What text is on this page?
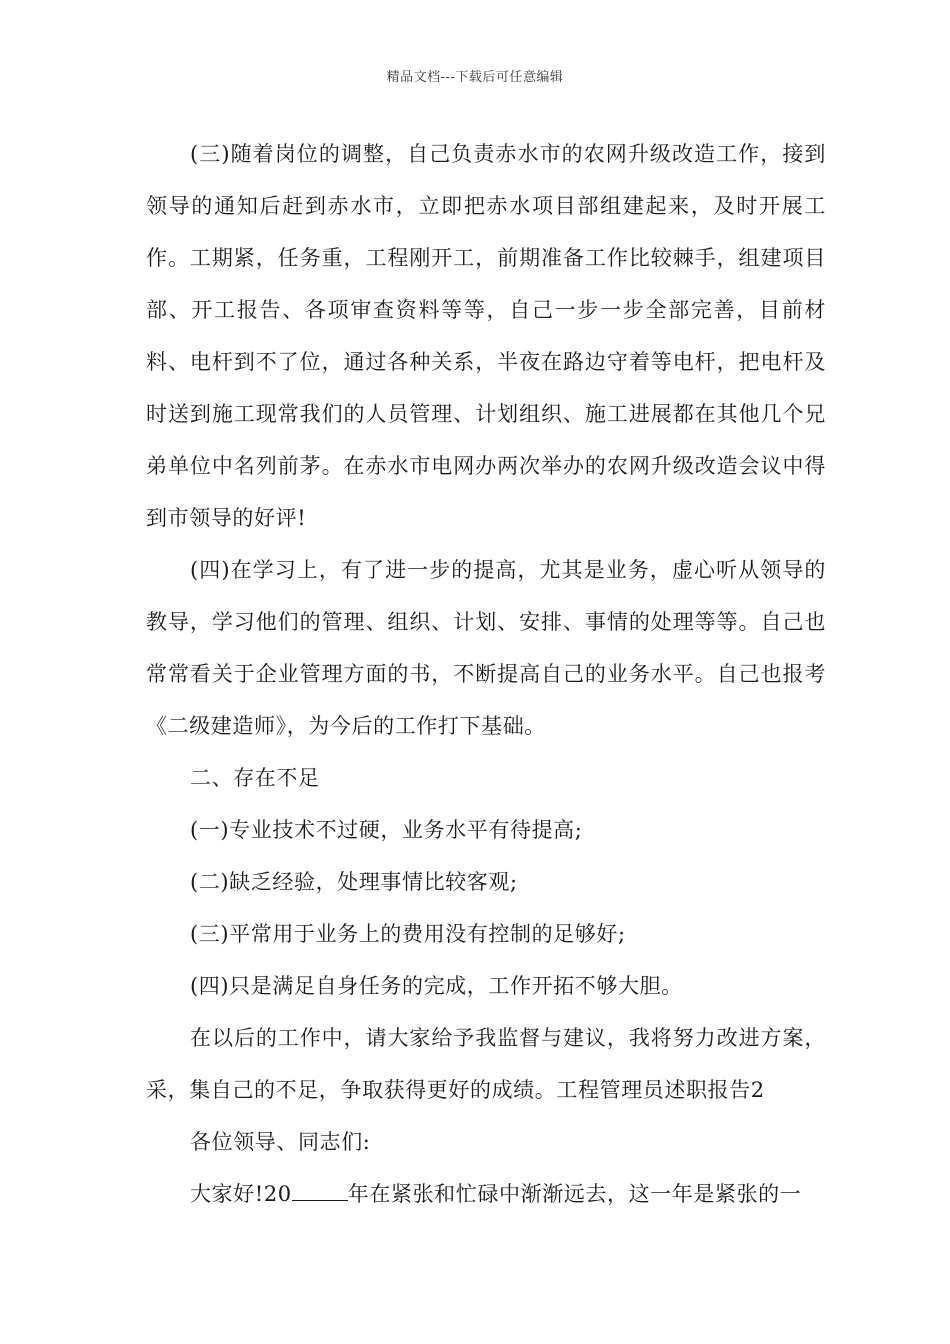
精品文档---下载后可任意编辑

(三)随着岗位的调整，自己负责赤水市的农网升级改造工作，接到领导的通知后赶到赤水市，立即把赤水项目部组建起来，及时开展工作。工期紧，任务重，工程刚开工，前期准备工作比较棘手，组建项目部、开工报告、各项审查资料等等，自己一步一步全部完善，目前材料、电杆到不了位，通过各种关系，半夜在路边守着等电杆，把电杆及时送到施工现常我们的人员管理、计划组织、施工进展都在其他几个兄弟单位中名列前茅。在赤水市电网办两次举办的农网升级改造会议中得到市领导的好评!

(四)在学习上，有了进一步的提高，尤其是业务，虚心听从领导的教导，学习他们的管理、组织、计划、安排、事情的处理等等。自己也常常看关于企业管理方面的书，不断提高自己的业务水平。自己也报考《二级建造师》，为今后的工作打下基础。

二、存在不足

(一)专业技术不过硬，业务水平有待提高;

(二)缺乏经验，处理事情比较客观;

(三)平常用于业务上的费用没有控制的足够好;

(四)只是满足自身任务的完成，工作开拓不够大胆。

在以后的工作中，请大家给予我监督与建议，我将努力改进方案，采，集自己的不足，争取获得更好的成绩。工程管理员述职报告2

各位领导、同志们:

大家好!20	年在紧张和忙碌中渐渐远去，这一年是紧张的一
